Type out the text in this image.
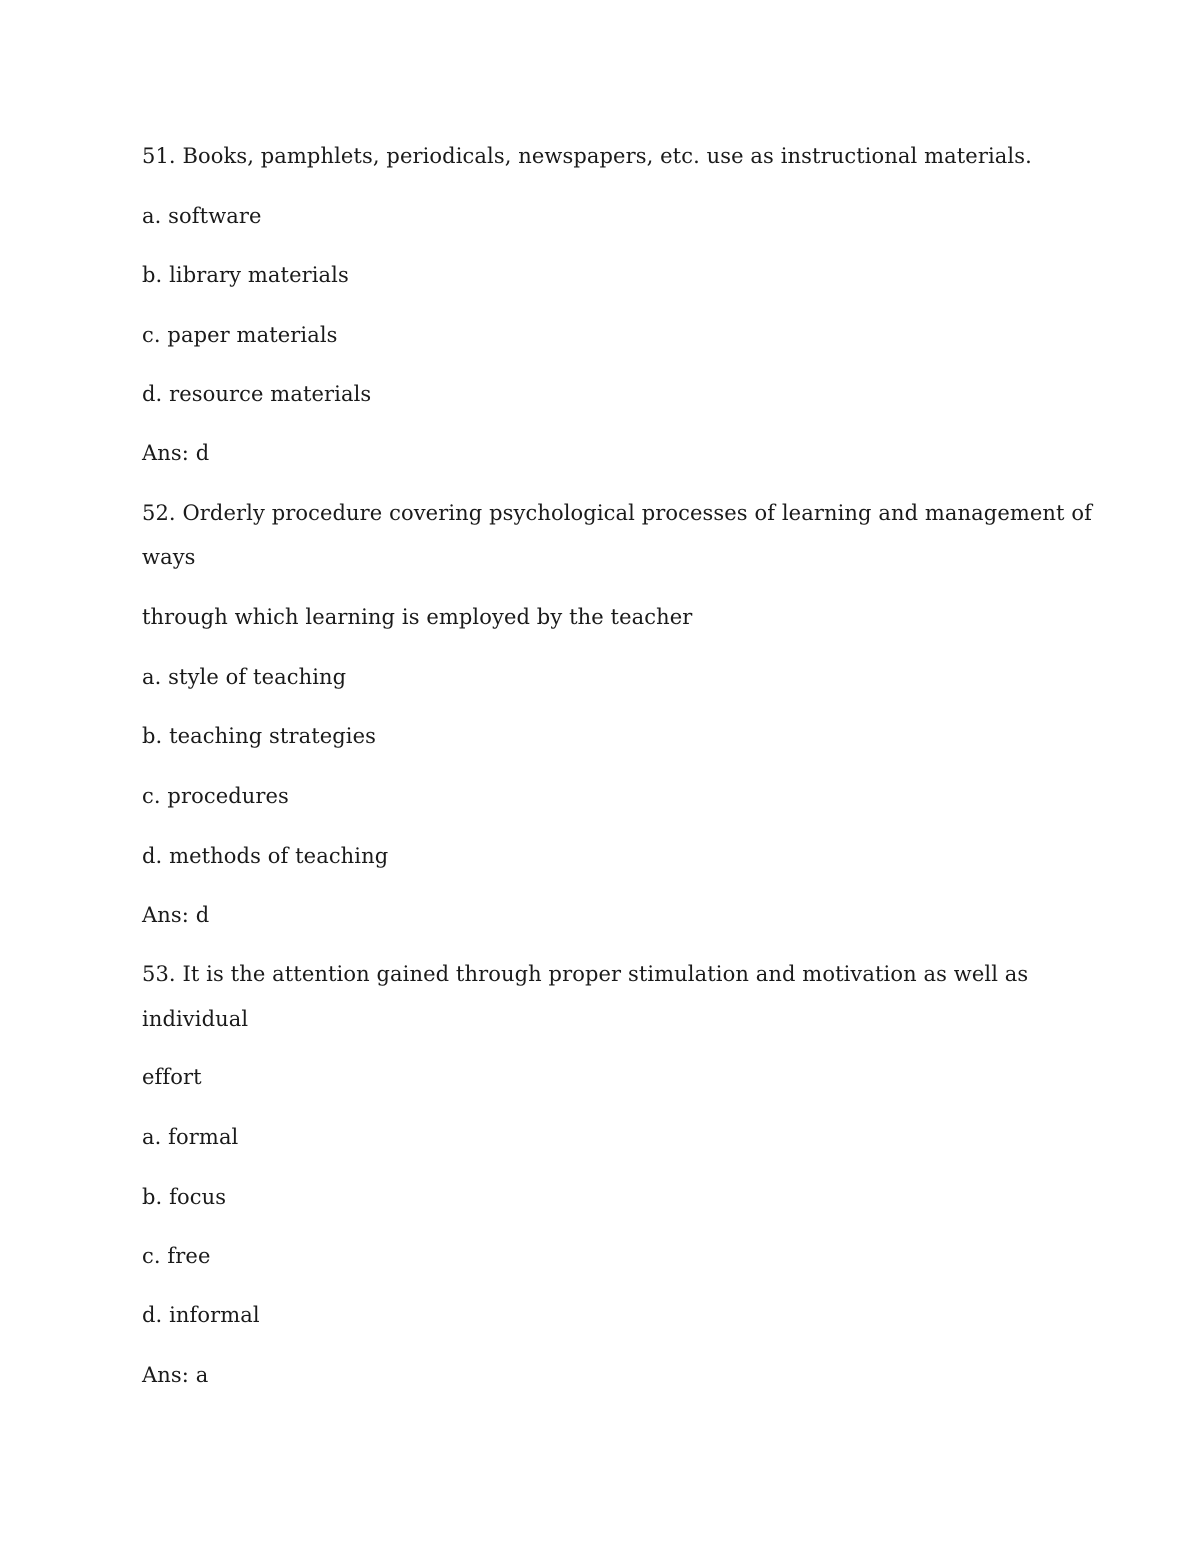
51. Books, pamphlets, periodicals, newspapers, etc. use as instructional materials.
a. software
b. library materials
c. paper materials
d. resource materials
Ans: d
52. Orderly procedure covering psychological processes of learning and management of
ways
through which learning is employed by the teacher
a. style of teaching
b. teaching strategies
c. procedures
d. methods of teaching
Ans: d
53. It is the attention gained through proper stimulation and motivation as well as
individual
effort
a. formal
b. focus
c. free
d. informal
Ans: a
